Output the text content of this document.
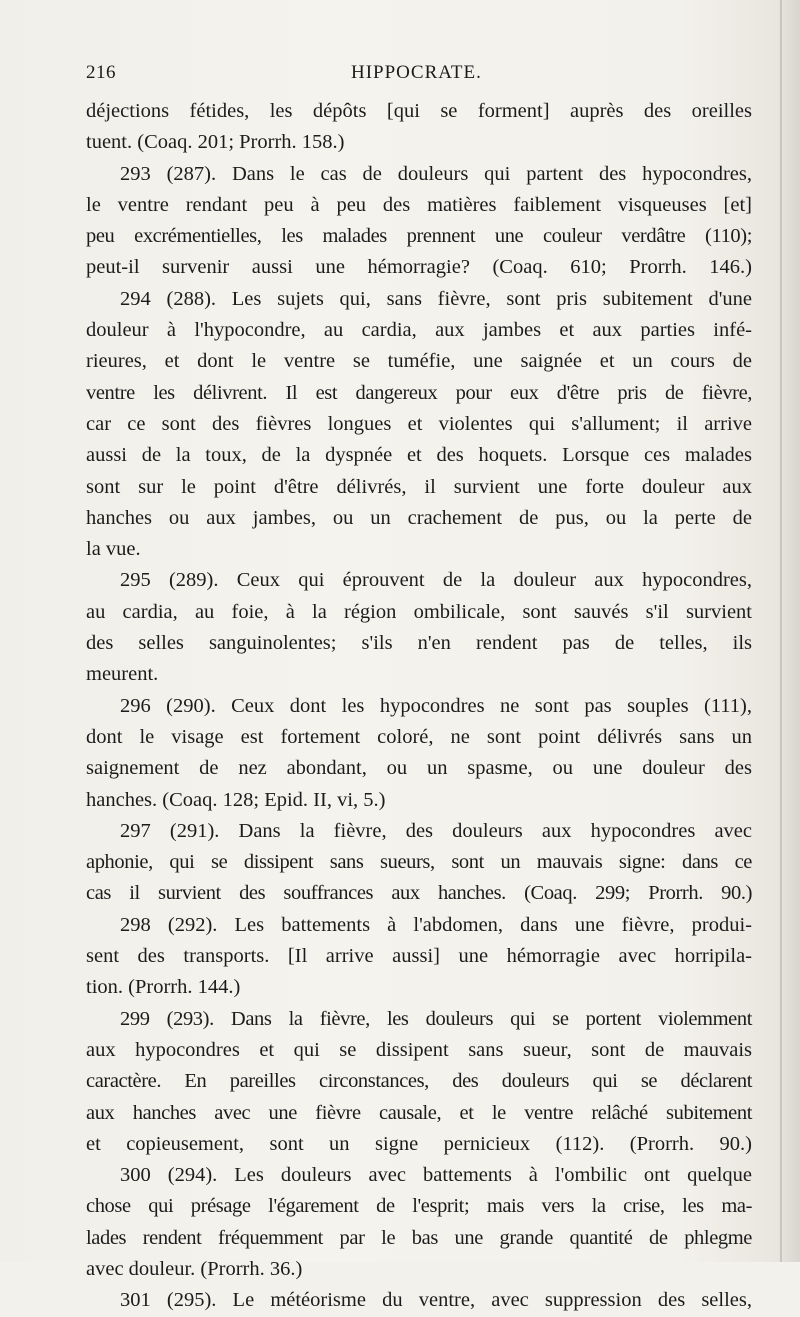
216	HIPPOCRATE.
déjections fétides, les dépôts [qui se forment] auprès des oreilles
tuent. (Coaq. 201; Prorrh. 158.)
293 (287). Dans le cas de douleurs qui partent des hypocondres,
le ventre rendant peu à peu des matières faiblement visqueuses [et]
peu excrémentielles, les malades prennent une couleur verdâtre (110);
peut-il survenir aussi une hémorragie? (Coaq. 610; Prorrh. 146.)
294 (288). Les sujets qui, sans fièvre, sont pris subitement d'une
douleur à l'hypocondre, au cardia, aux jambes et aux parties infé-
rieures, et dont le ventre se tuméfie, une saignée et un cours de
ventre les délivrent. Il est dangereux pour eux d'être pris de fièvre,
car ce sont des fièvres longues et violentes qui s'allument; il arrive
aussi de la toux, de la dyspnée et des hoquets. Lorsque ces malades
sont sur le point d'être délivrés, il survient une forte douleur aux
hanches ou aux jambes, ou un crachement de pus, ou la perte de
la vue.
295 (289). Ceux qui éprouvent de la douleur aux hypocondres,
au cardia, au foie, à la région ombilicale, sont sauvés s'il survient
des selles sanguinolentes; s'ils n'en rendent pas de telles, ils
meurent.
296 (290). Ceux dont les hypocondres ne sont pas souples (111),
dont le visage est fortement coloré, ne sont point délivrés sans un
saignement de nez abondant, ou un spasme, ou une douleur des
hanches. (Coaq. 128; Epid. II, vi, 5.)
297 (291). Dans la fièvre, des douleurs aux hypocondres avec
aphonie, qui se dissipent sans sueurs, sont un mauvais signe: dans ce
cas il survient des souffrances aux hanches. (Coaq. 299; Prorrh. 90.)
298 (292). Les battements à l'abdomen, dans une fièvre, produi-
sent des transports. [Il arrive aussi] une hémorragie avec horripila-
tion. (Prorrh. 144.)
299 (293). Dans la fièvre, les douleurs qui se portent violemment
aux hypocondres et qui se dissipent sans sueur, sont de mauvais
caractère. En pareilles circonstances, des douleurs qui se déclarent
aux hanches avec une fièvre causale, et le ventre relâché subitement
et copieusement, sont un signe pernicieux (112). (Prorrh. 90.)
300 (294). Les douleurs avec battements à l'ombilic ont quelque
chose qui présage l'égarement de l'esprit; mais vers la crise, les ma-
lades rendent fréquemment par le bas une grande quantité de phlegme
avec douleur. (Prorrh. 36.)
301 (295). Le météorisme du ventre, avec suppression des selles,
